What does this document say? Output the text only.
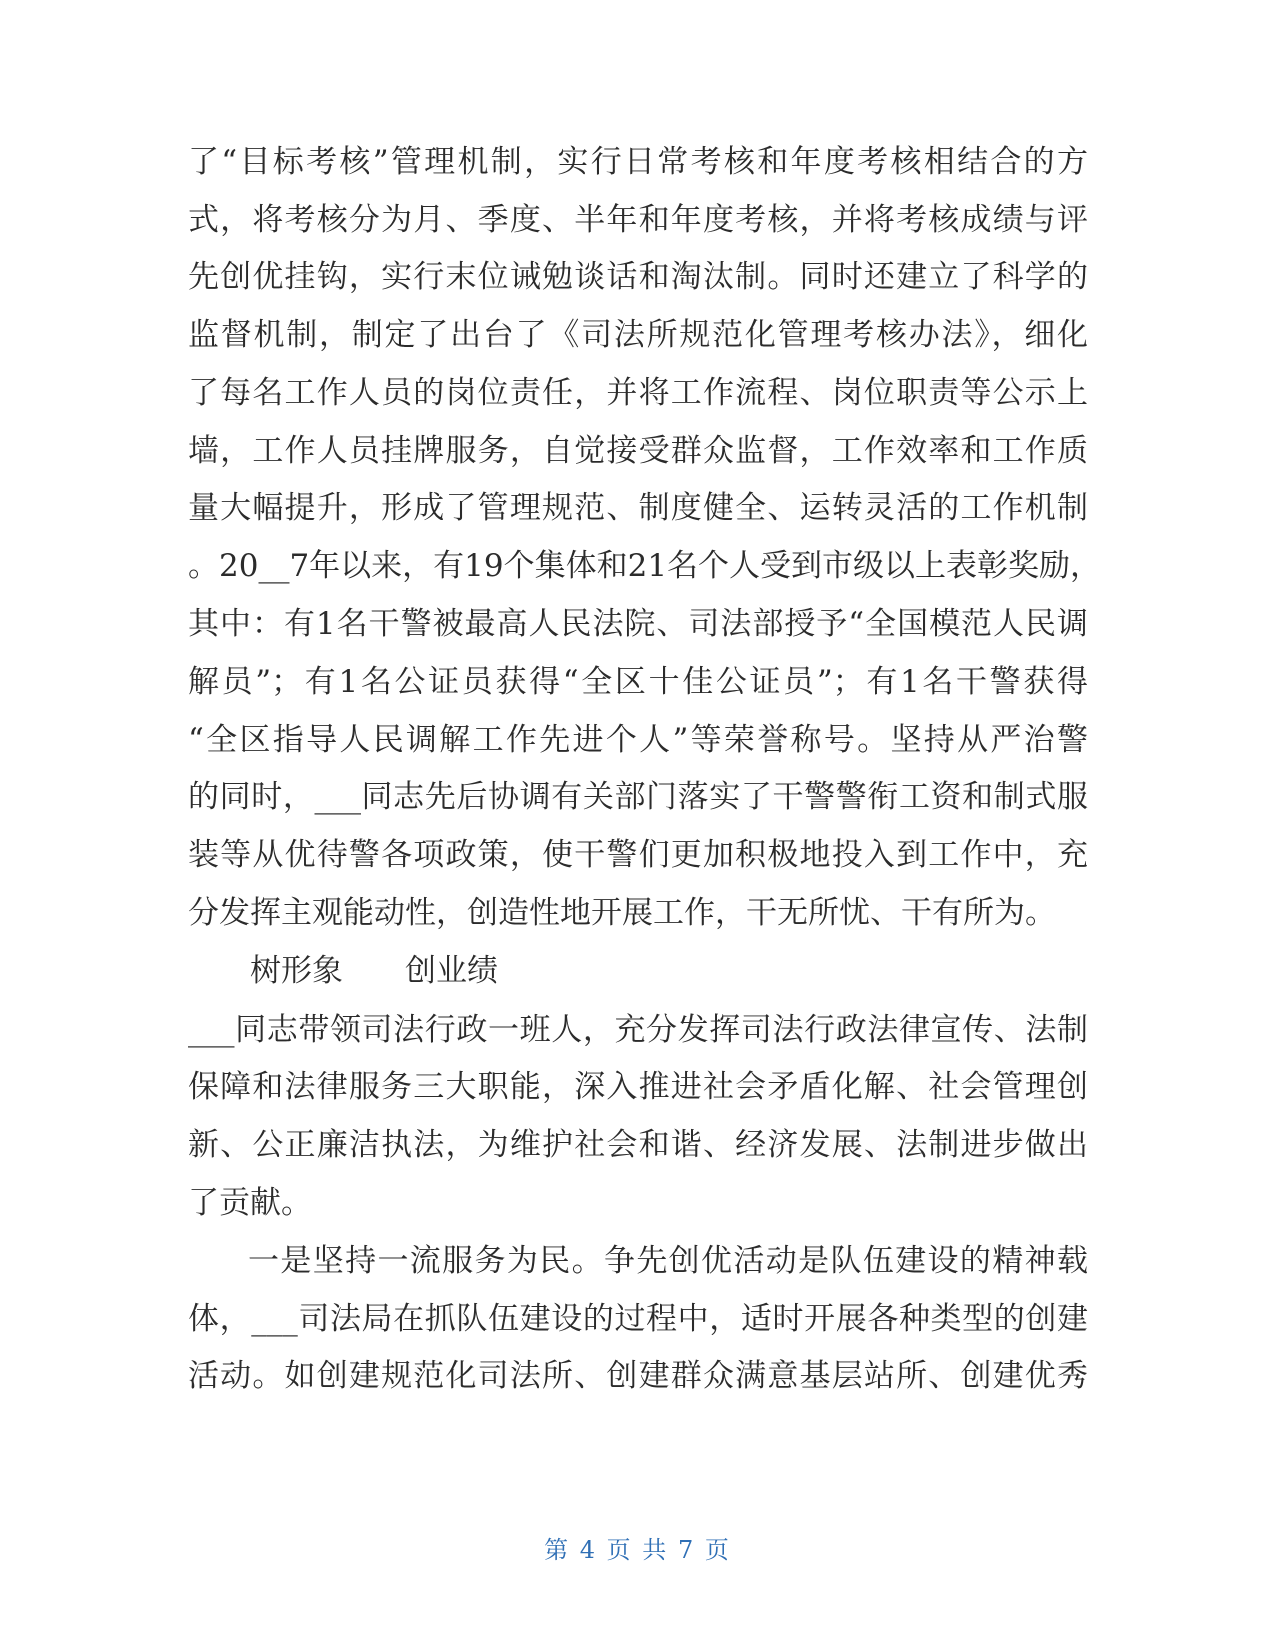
了“目标考核”管理机制，实行日常考核和年度考核相结合的方
式，将考核分为月、季度、半年和年度考核，并将考核成绩与评
先创优挂钩，实行末位诫勉谈话和淘汰制。同时还建立了科学的
监督机制，制定了出台了《司法所规范化管理考核办法》，细化
了每名工作人员的岗位责任，并将工作流程、岗位职责等公示上
墙，工作人员挂牌服务，自觉接受群众监督，工作效率和工作质
量大幅提升，形成了管理规范、制度健全、运转灵活的工作机制
。20__7年以来，有19个集体和21名个人受到市级以上表彰奖励，
其中：有1名干警被最高人民法院、司法部授予“全国模范人民调
解员”；有1名公证员获得“全区十佳公证员”；有1名干警获得
“全区指导人民调解工作先进个人”等荣誉称号。坚持从严治警
的同时，___同志先后协调有关部门落实了干警警衔工资和制式服
装等从优待警各项政策，使干警们更加积极地投入到工作中，充
分发挥主观能动性，创造性地开展工作，干无所忧、干有所为。
树形象　　创业绩
___同志带领司法行政一班人，充分发挥司法行政法律宣传、法制
保障和法律服务三大职能，深入推进社会矛盾化解、社会管理创
新、公正廉洁执法，为维护社会和谐、经济发展、法制进步做出
了贡献。
一是坚持一流服务为民。争先创优活动是队伍建设的精神载
体，___司法局在抓队伍建设的过程中，适时开展各种类型的创建
活动。如创建规范化司法所、创建群众满意基层站所、创建优秀
第 4 页 共 7 页
